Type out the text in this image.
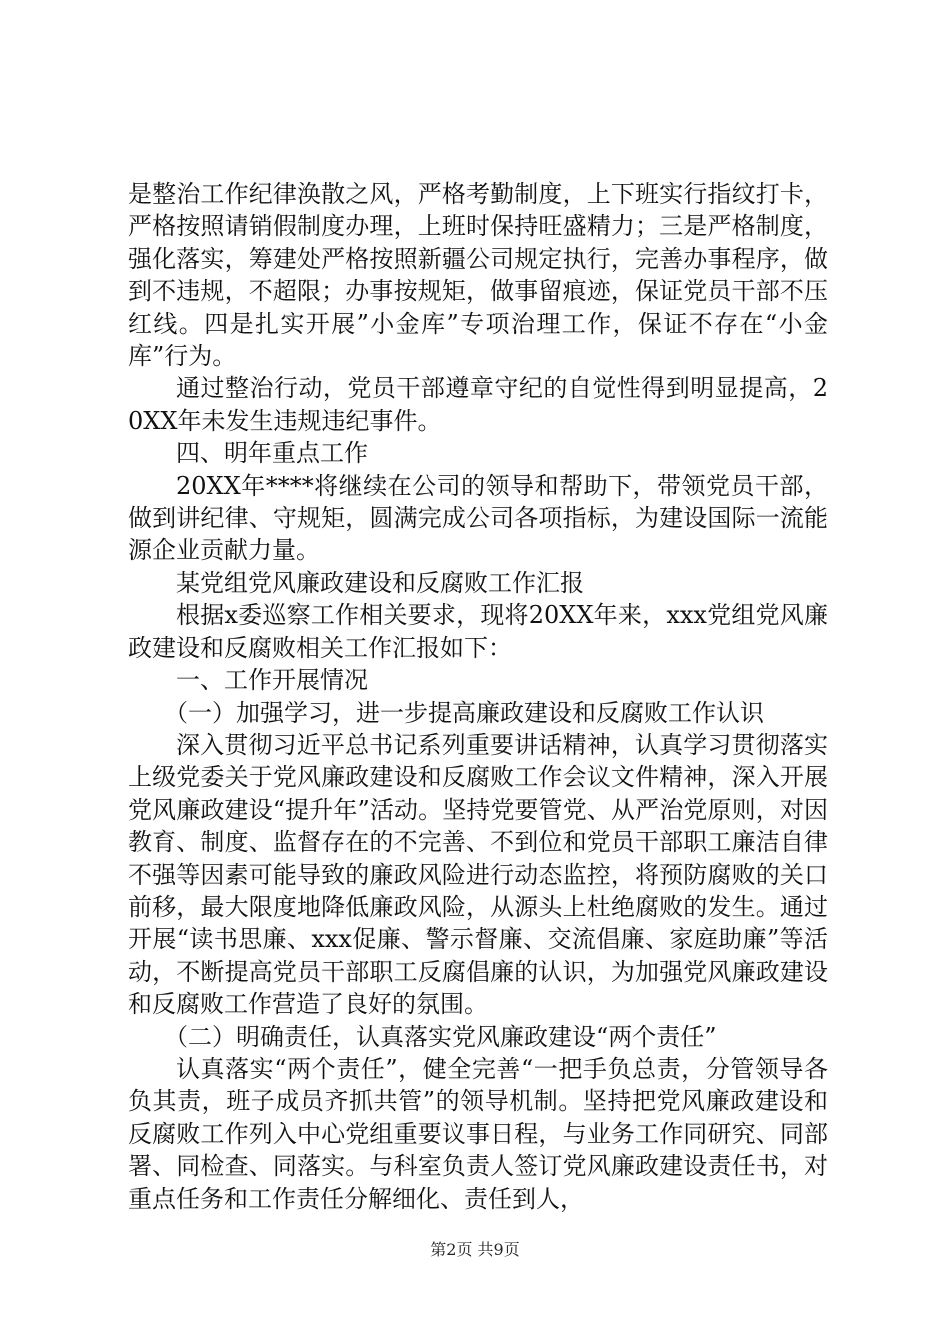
是整治工作纪律涣散之风，严格考勤制度，上下班实行指纹打卡，严格按照请销假制度办理，上班时保持旺盛精力；三是严格制度，强化落实，筹建处严格按照新疆公司规定执行，完善办事程序，做到不违规，不超限；办事按规矩，做事留痕迹，保证党员干部不压红线。四是扎实开展”小金库”专项治理工作，保证不存在“小金库”行为。

通过整治行动，党员干部遵章守纪的自觉性得到明显提高，20XX年未发生违规违纪事件。

四、明年重点工作

20XX年****将继续在公司的领导和帮助下，带领党员干部，做到讲纪律、守规矩，圆满完成公司各项指标，为建设国际一流能源企业贡献力量。

某党组党风廉政建设和反腐败工作汇报

根据x委巡察工作相关要求，现将20XX年来，xxx党组党风廉政建设和反腐败相关工作汇报如下：

一、工作开展情况

（一）加强学习，进一步提高廉政建设和反腐败工作认识

深入贯彻习近平总书记系列重要讲话精神，认真学习贯彻落实上级党委关于党风廉政建设和反腐败工作会议文件精神，深入开展党风廉政建设“提升年”活动。坚持党要管党、从严治党原则，对因教育、制度、监督存在的不完善、不到位和党员干部职工廉洁自律不强等因素可能导致的廉政风险进行动态监控，将预防腐败的关口前移，最大限度地降低廉政风险，从源头上杜绝腐败的发生。通过开展“读书思廉、xxx促廉、警示督廉、交流倡廉、家庭助廉”等活动，不断提高党员干部职工反腐倡廉的认识，为加强党风廉政建设和反腐败工作营造了良好的氛围。

（二）明确责任，认真落实党风廉政建设“两个责任”

认真落实“两个责任”，健全完善“一把手负总责，分管领导各负其责，班子成员齐抓共管”的领导机制。坚持把党风廉政建设和反腐败工作列入中心党组重要议事日程，与业务工作同研究、同部署、同检查、同落实。与科室负责人签订党风廉政建设责任书，对重点任务和工作责任分解细化、责任到人，

第2页 共9页
